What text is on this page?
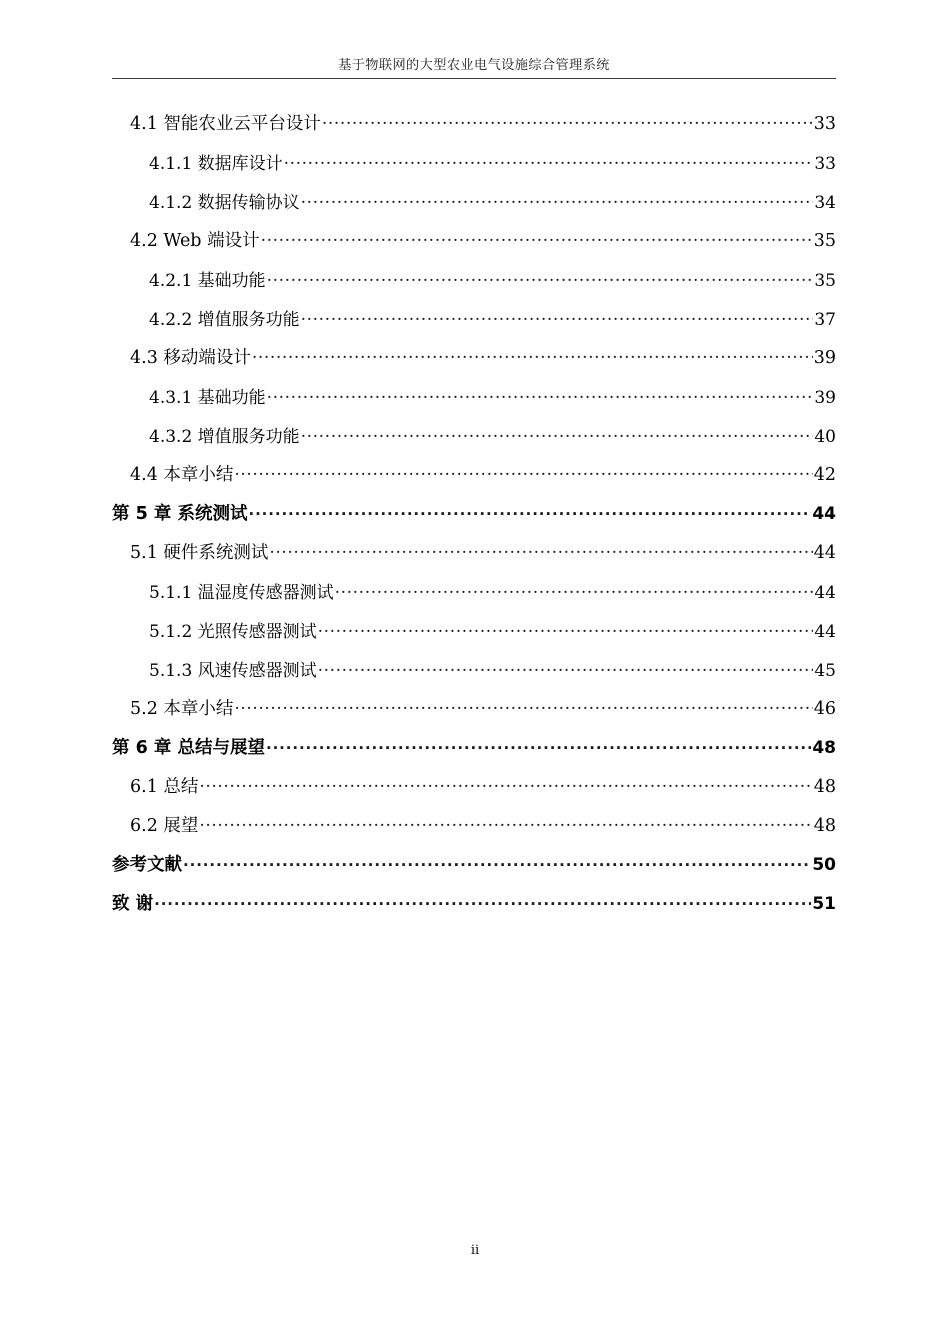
基于物联网的大型农业电气设施综合管理系统
4.1 智能农业云平台设计 .....	33
4.1.1 数据库设计 .....	33
4.1.2 数据传输协议 .....	34
4.2 Web 端设计 .....	35
4.2.1 基础功能 .....	35
4.2.2 增值服务功能 .....	37
4.3 移动端设计 .....	39
4.3.1 基础功能 .....	39
4.3.2 增值服务功能 .....	40
4.4 本章小结 .....	42
第 5 章 系统测试 .....	44
5.1 硬件系统测试 .....	44
5.1.1 温湿度传感器测试 .....	44
5.1.2 光照传感器测试 .....	44
5.1.3 风速传感器测试 .....	45
5.2 本章小结 .....	46
第 6 章 总结与展望 .....	48
6.1 总结 .....	48
6.2 展望 .....	48
参考文献 .....	50
致 谢 .....	51
ii
